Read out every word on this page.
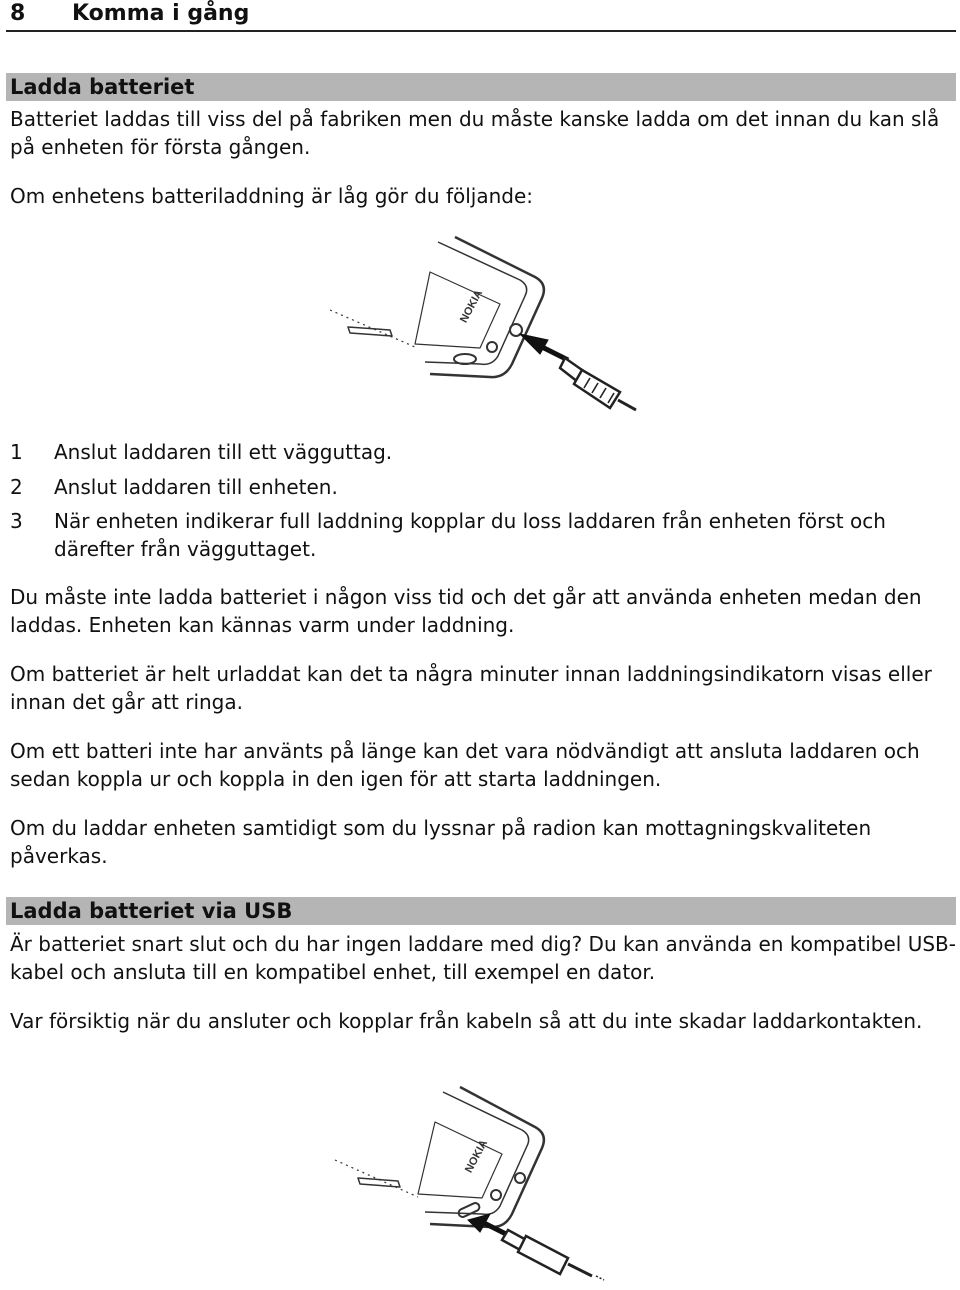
8 Komma i gång
Ladda batteriet

Batteriet laddas till viss del på fabriken men du måste kanske ladda om det innan du kan slå på enheten för första gången.

Om enhetens batteriladdning är låg gör du följande:

NOKIA
1	Anslut laddaren till ett vägguttag.
2	Anslut laddaren till enheten.
3	När enheten indikerar full laddning kopplar du loss laddaren från enheten först och därefter från vägguttaget.

Du måste inte ladda batteriet i någon viss tid och det går att använda enheten medan den laddas. Enheten kan kännas varm under laddning.

Om batteriet är helt urladdat kan det ta några minuter innan laddningsindikatorn visas eller innan det går att ringa.

Om ett batteri inte har använts på länge kan det vara nödvändigt att ansluta laddaren och sedan koppla ur och koppla in den igen för att starta laddningen.

Om du laddar enheten samtidigt som du lyssnar på radion kan mottagningskvaliteten påverkas.

Ladda batteriet via USB

Är batteriet snart slut och du har ingen laddare med dig? Du kan använda en kompatibel USB-kabel och ansluta till en kompatibel enhet, till exempel en dator.

Var försiktig när du ansluter och kopplar från kabeln så att du inte skadar laddarkontakten.

NOKIA
